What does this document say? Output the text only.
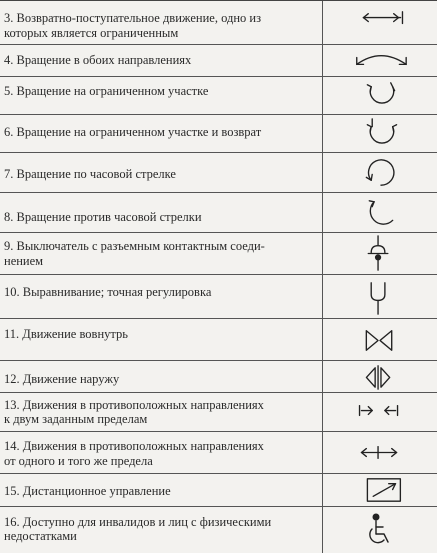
3. Возвратно-поступательное движение, одно из
которых является ограниченным
4. Вращение в обоих направлениях
5. Вращение на ограниченном участке
6. Вращение на ограниченном участке и возврат
7. Вращение по часовой стрелке
8. Вращение против часовой стрелки
9. Выключатель с разъемным контактным соеди-
нением
10. Выравнивание; точная регулировка
11. Движение вовнутрь
12. Движение наружу
13. Движения в противоположных направлениях
к двум заданным пределам
14. Движения в противоположных направлениях
от одного и того же предела
15. Дистанционное управление
16. Доступно для инвалидов и лиц с физическими
недостатками
